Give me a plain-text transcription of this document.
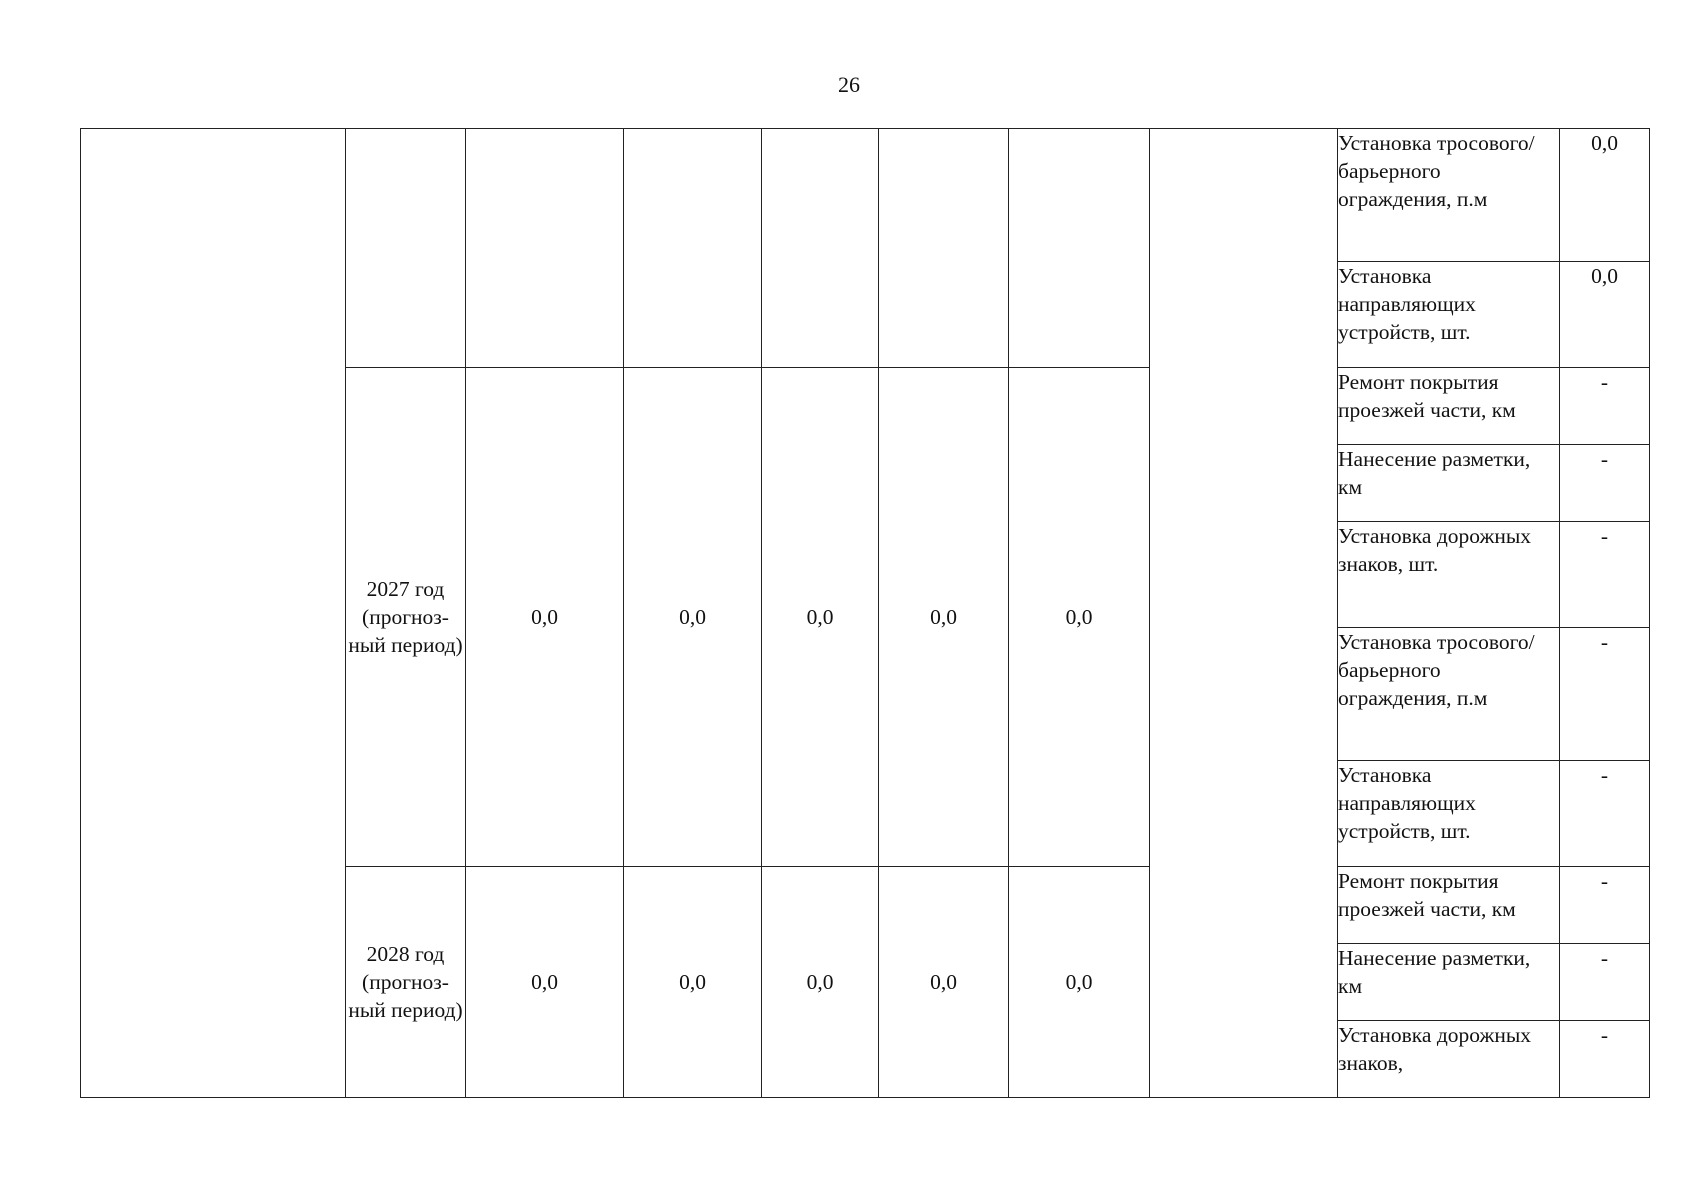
26
								Установка тросового/ барьерного ограждения, п.м	0,0
								Установка направляющих устройств, шт.	0,0
	2027 год (прогноз-ный период)	0,0	0,0	0,0	0,0	0,0		Ремонт покрытия проезжей части, км	-
								Нанесение разметки, км	-
								Установка дорожных знаков, шт.	-
								Установка тросового/ барьерного ограждения, п.м	-
								Установка направляющих устройств, шт.	-
	2028 год (прогноз-ный период)	0,0	0,0	0,0	0,0	0,0		Ремонт покрытия проезжей части, км	-
								Нанесение разметки, км	-
								Установка дорожных знаков,	-
